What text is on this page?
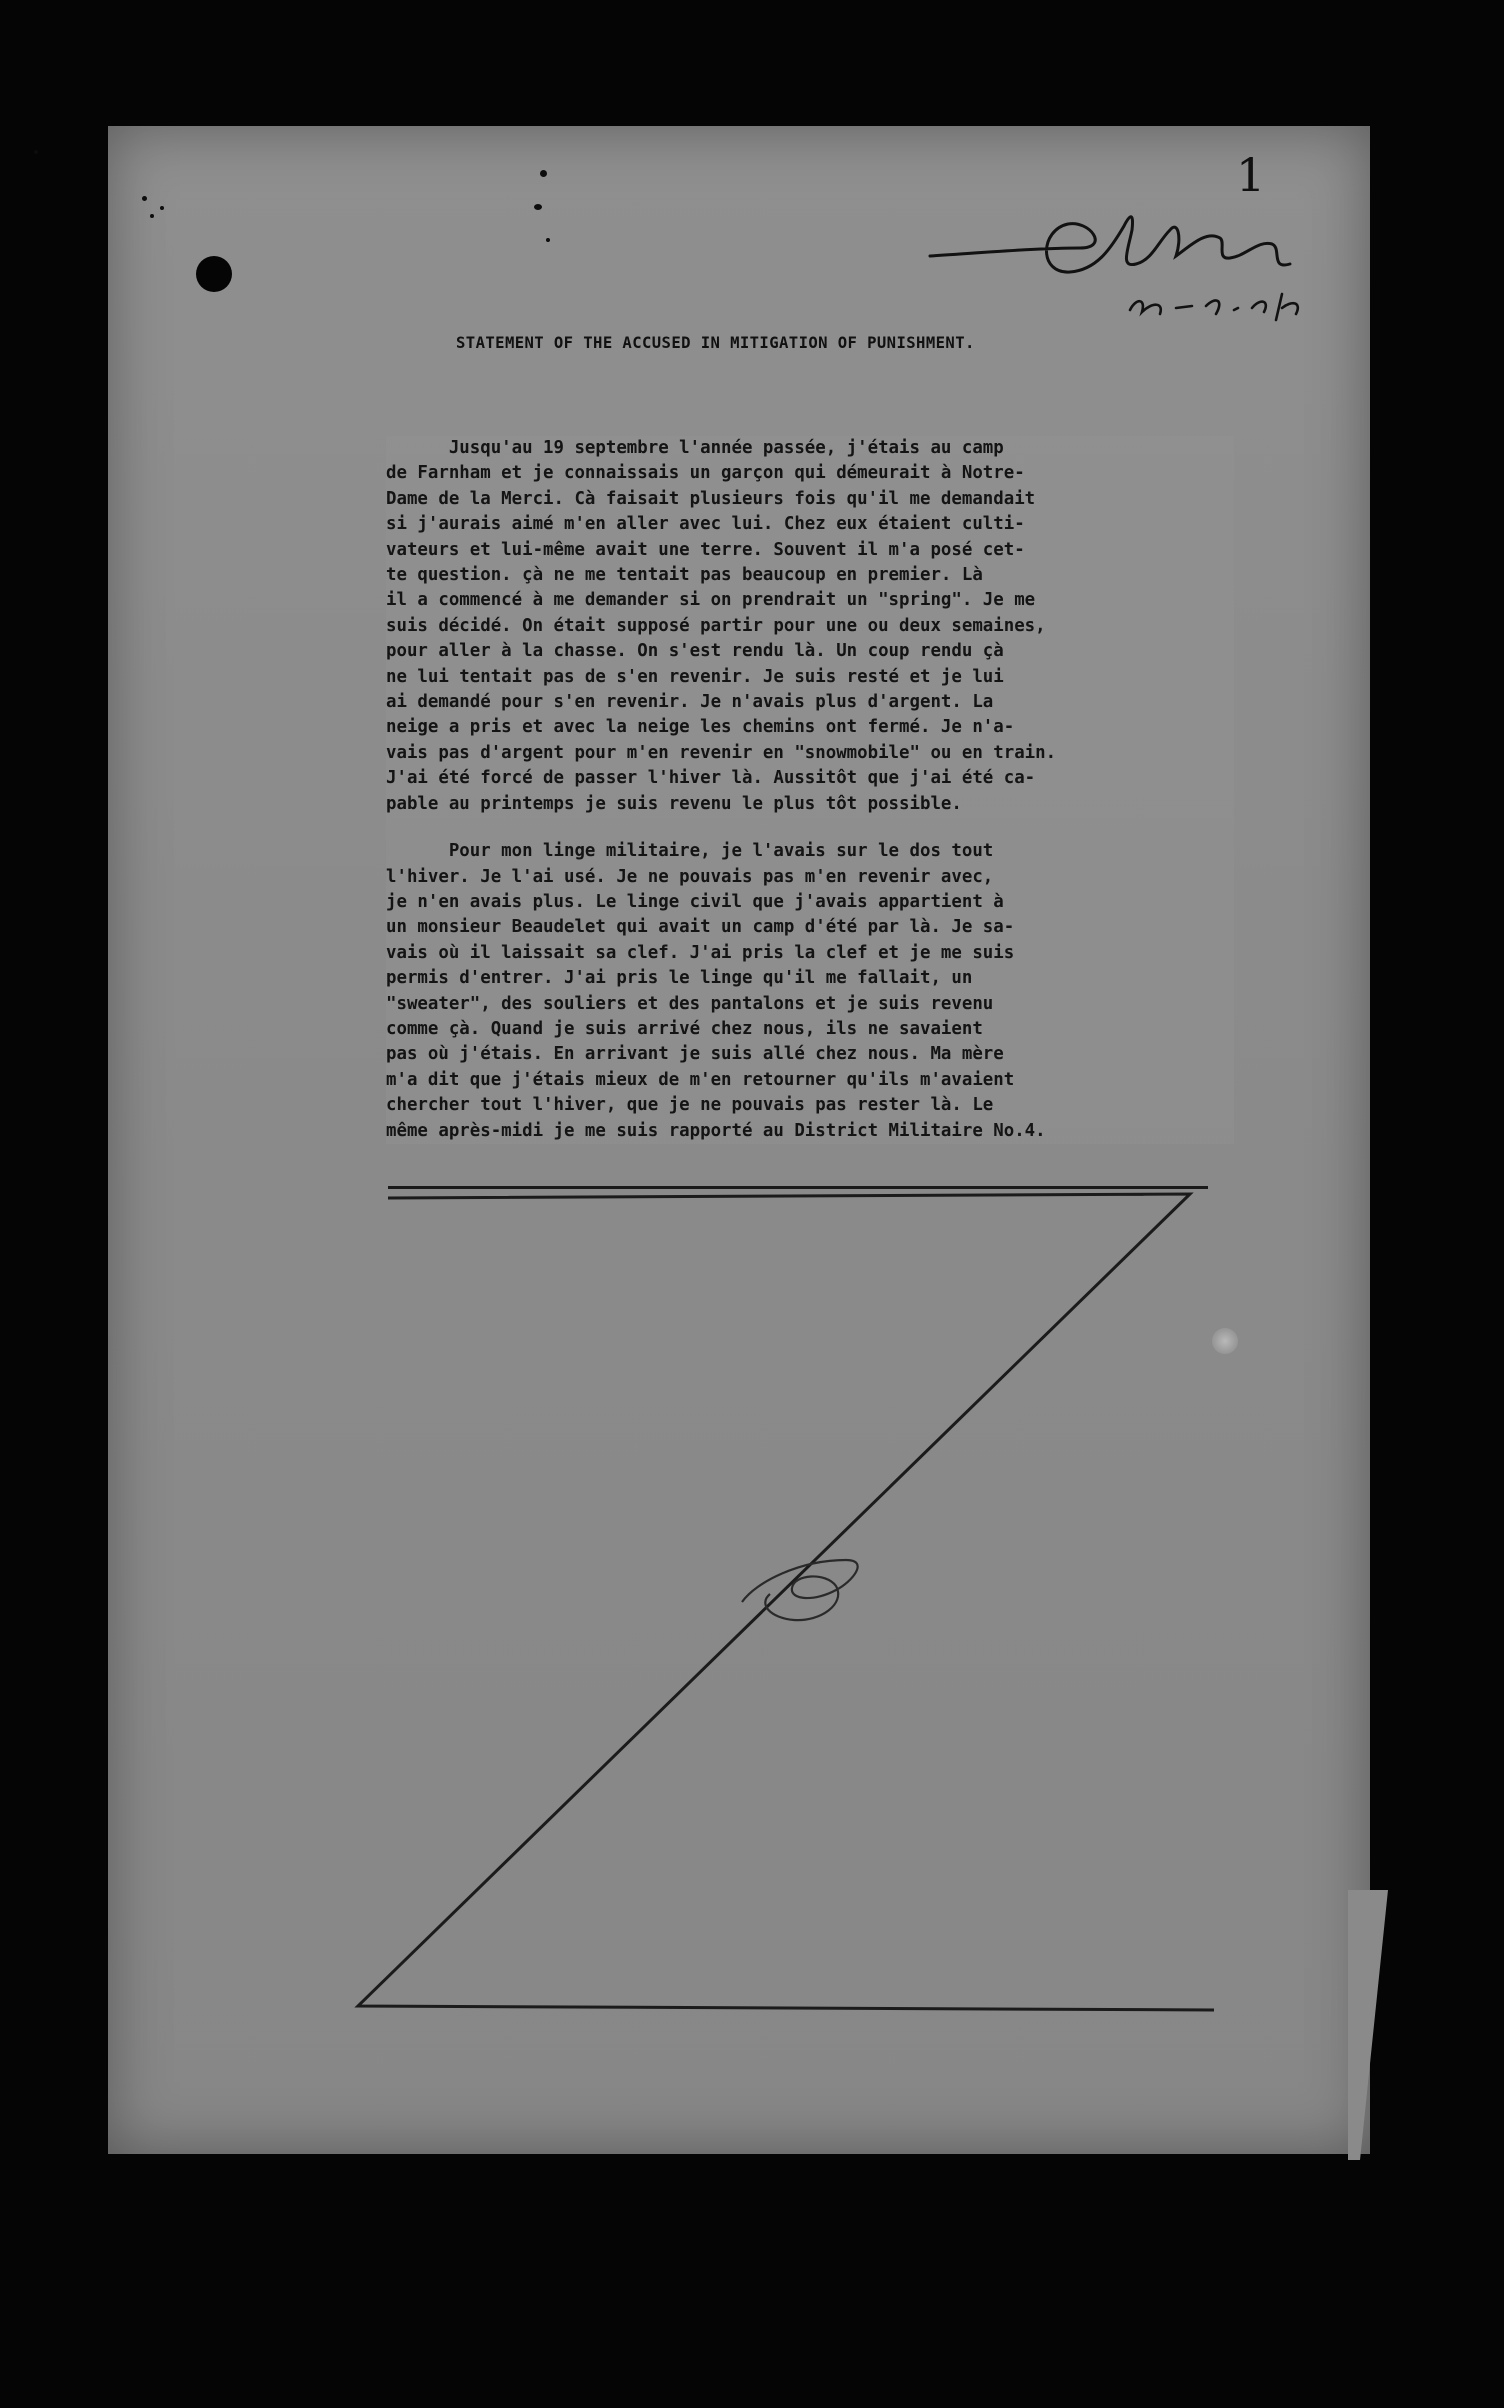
1
STATEMENT OF THE ACCUSED IN MITIGATION OF PUNISHMENT.

Jusqu'au 19 septembre l'année passée, j'étais au camp
de Farnham et je connaissais un garçon qui démeurait à Notre-
Dame de la Merci. Cà faisait plusieurs fois qu'il me demandait
si j'aurais aimé m'en aller avec lui. Chez eux étaient culti-
vateurs et lui-même avait une terre. Souvent il m'a posé cet-
te question. çà ne me tentait pas beaucoup en premier. Là
il a commencé à me demander si on prendrait un "spring". Je me
suis décidé. On était supposé partir pour une ou deux semaines,
pour aller à la chasse. On s'est rendu là. Un coup rendu çà
ne lui tentait pas de s'en revenir. Je suis resté et je lui
ai demandé pour s'en revenir. Je n'avais plus d'argent. La
neige a pris et avec la neige les chemins ont fermé. Je n'a-
vais pas d'argent pour m'en revenir en "snowmobile" ou en train.
J'ai été forcé de passer l'hiver là. Aussitôt que j'ai été ca-
pable au printemps je suis revenu le plus tôt possible.

Pour mon linge militaire, je l'avais sur le dos tout
l'hiver. Je l'ai usé. Je ne pouvais pas m'en revenir avec,
je n'en avais plus. Le linge civil que j'avais appartient à
un monsieur Beaudelet qui avait un camp d'été par là. Je sa-
vais où il laissait sa clef. J'ai pris la clef et je me suis
permis d'entrer. J'ai pris le linge qu'il me fallait, un
"sweater", des souliers et des pantalons et je suis revenu
comme çà. Quand je suis arrivé chez nous, ils ne savaient
pas où j'étais. En arrivant je suis allé chez nous. Ma mère
m'a dit que j'étais mieux de m'en retourner qu'ils m'avaient
chercher tout l'hiver, que je ne pouvais pas rester là. Le
même après-midi je me suis rapporté au District Militaire No.4.
